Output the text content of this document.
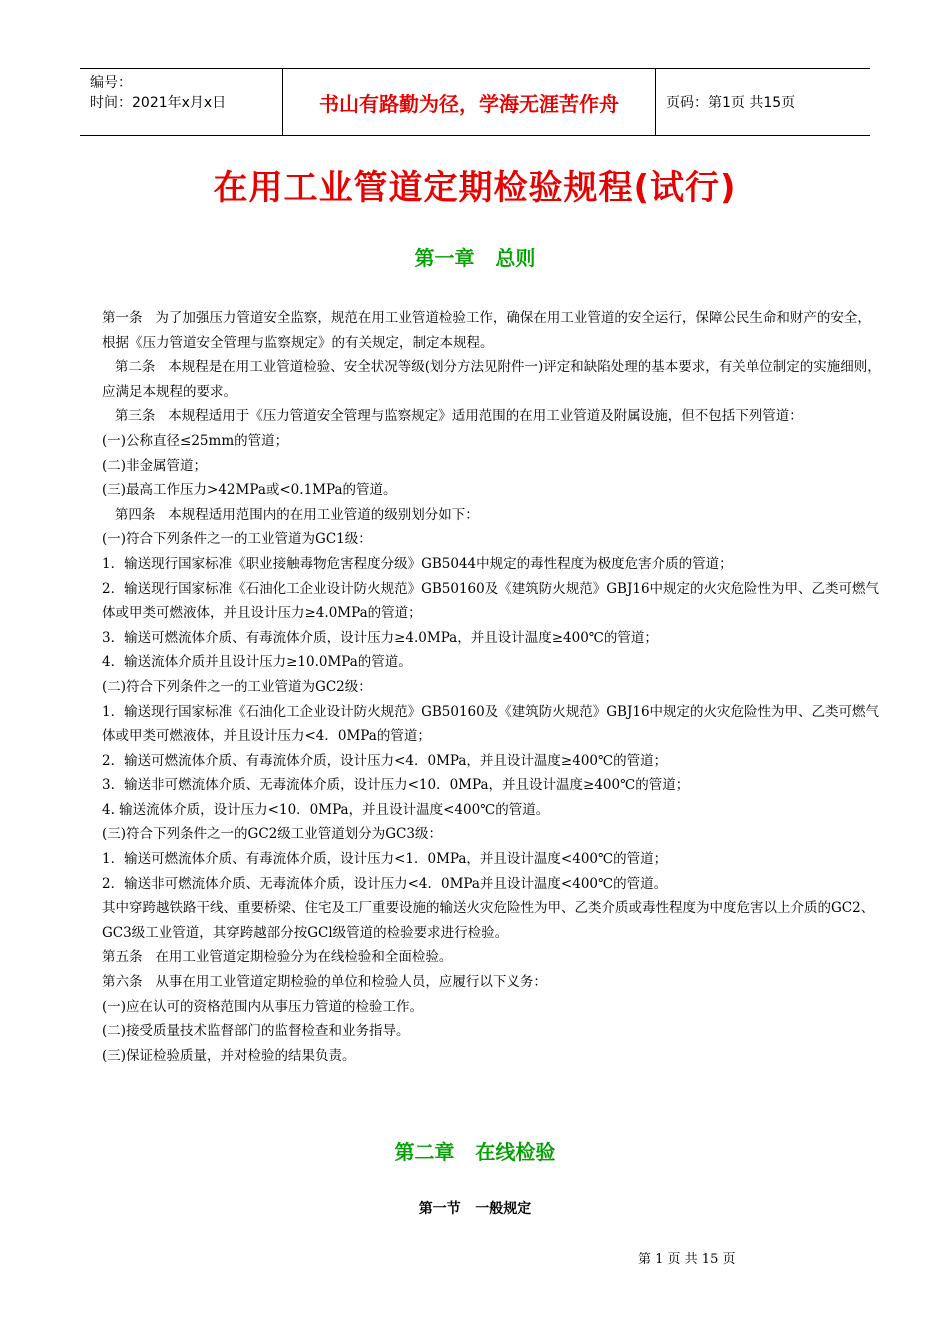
编号：
时间：2021年x月x日	书山有路勤为径，学海无涯苦作舟	页码：第1页 共15页
在用工业管道定期检验规程(试行)
第一章   总则

第一条   为了加强压力管道安全监察，规范在用工业管道检验工作，确保在用工业管道的安全运行，保障公民生命和财产的安全，根据《压力管道安全管理与监察规定》的有关规定，制定本规程。

第二条   本规程是在用工业管道检验、安全状况等级(划分方法见附件一)评定和缺陷处理的基本要求，有关单位制定的实施细则，应满足本规程的要求。

第三条   本规程适用于《压力管道安全管理与监察规定》适用范围的在用工业管道及附属设施，但不包括下列管道：

(一)公称直径≤25mm的管道；

(二)非金属管道；

(三)最高工作压力>42MPa或<0.1MPa的管道。

第四条   本规程适用范围内的在用工业管道的级别划分如下：

(一)符合下列条件之一的工业管道为GC1级：

1．输送现行国家标准《职业接触毒物危害程度分级》GB5044中规定的毒性程度为极度危害介质的管道；

2．输送现行国家标准《石油化工企业设计防火规范》GB50160及《建筑防火规范》GBJ16中规定的火灾危险性为甲、乙类可燃气体或甲类可燃液体，并且设计压力≥4.0MPa的管道；

3．输送可燃流体介质、有毒流体介质，设计压力≥4.0MPa，并且设计温度≥400℃的管道；

4．输送流体介质并且设计压力≥10.0MPa的管道。

(二)符合下列条件之一的工业管道为GC2级：

1．输送现行国家标准《石油化工企业设计防火规范》GB50160及《建筑防火规范》GBJ16中规定的火灾危险性为甲、乙类可燃气体或甲类可燃液体，并且设计压力<4．0MPa的管道；

2．输送可燃流体介质、有毒流体介质，设计压力<4．0MPa，并且设计温度≥400℃的管道；

3．输送非可燃流体介质、无毒流体介质，设计压力<10．0MPa，并且设计温度≥400℃的管道；

4. 输送流体介质，设计压力<10．0MPa，并且设计温度<400℃的管道。

(三)符合下列条件之一的GC2级工业管道划分为GC3级：

1．输送可燃流体介质、有毒流体介质，设计压力<1．0MPa，并且设计温度<400℃的管道；

2．输送非可燃流体介质、无毒流体介质，设计压力<4．0MPa并且设计温度<400℃的管道。

其中穿跨越铁路干线、重要桥梁、住宅及工厂重要设施的输送火灾危险性为甲、乙类介质或毒性程度为中度危害以上介质的GC2、GC3级工业管道，其穿跨越部分按GCl级管道的检验要求进行检验。

第五条   在用工业管道定期检验分为在线检验和全面检验。

第六条   从事在用工业管道定期检验的单位和检验人员，应履行以下义务：

(一)应在认可的资格范围内从事压力管道的检验工作。

(二)接受质量技术监督部门的监督检查和业务指导。

(三)保证检验质量，并对检验的结果负责。

第二章   在线检验
第一节   一般规定
第 1 页 共 15 页
